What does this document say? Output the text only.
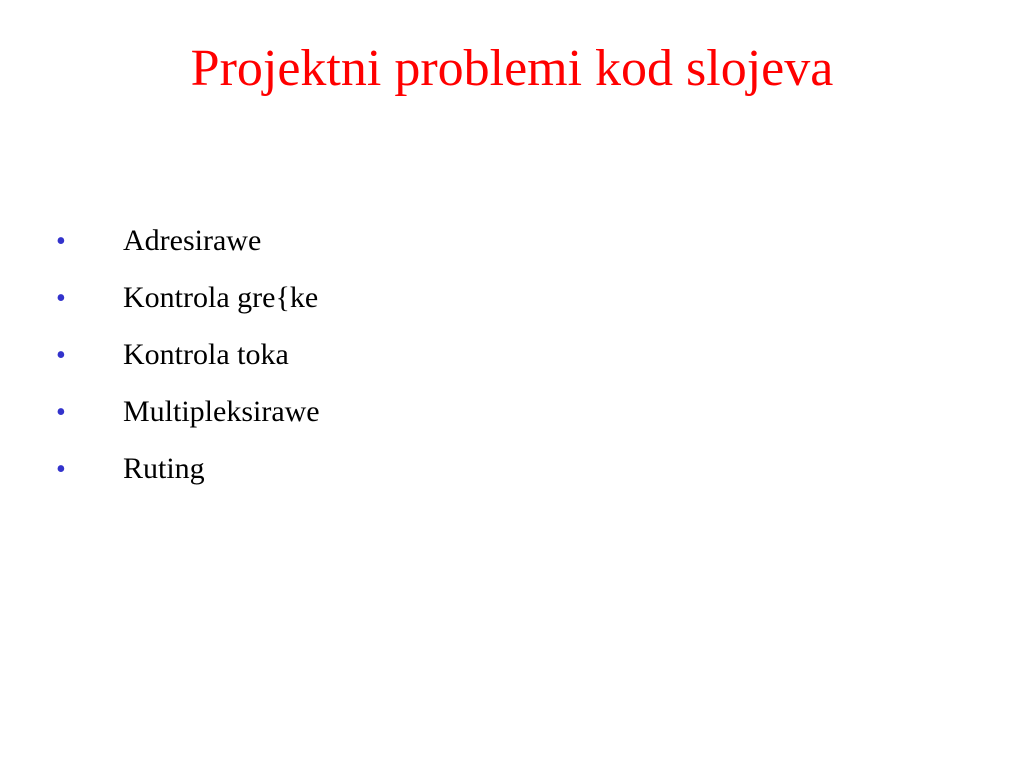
Projektni problemi kod slojeva
•	Adresirawe
•	Kontrola gre{ke
•	Kontrola toka
•	Multipleksirawe
•	Ruting
